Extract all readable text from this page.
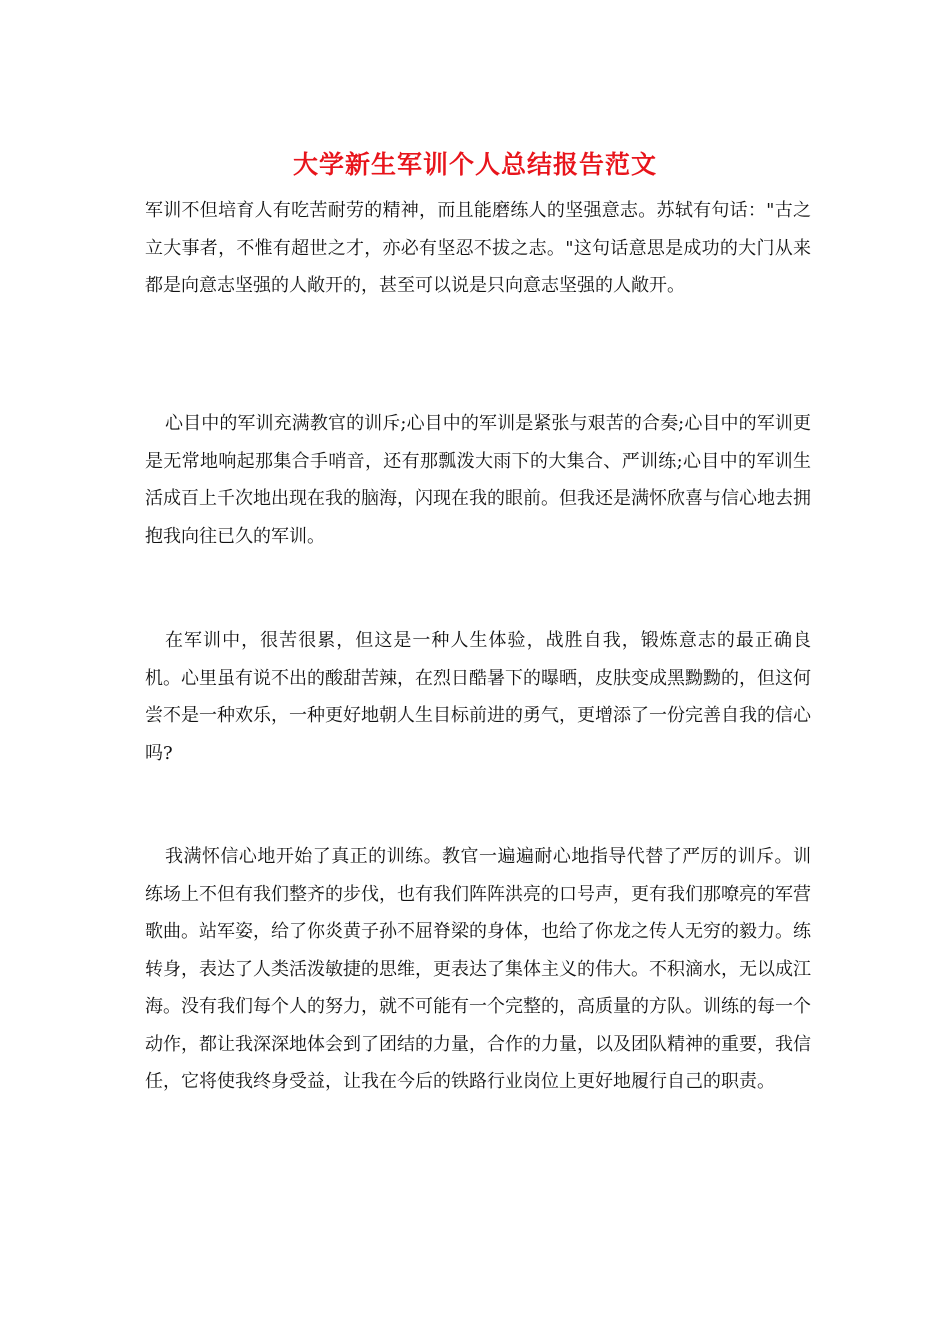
大学新生军训个人总结报告范文

军训不但培育人有吃苦耐劳的精神，而且能磨练人的坚强意志。苏轼有句话："古之立大事者，不惟有超世之才，亦必有坚忍不拔之志。"这句话意思是成功的大门从来都是向意志坚强的人敞开的，甚至可以说是只向意志坚强的人敞开。

心目中的军训充满教官的训斥;心目中的军训是紧张与艰苦的合奏;心目中的军训更是无常地响起那集合手哨音，还有那瓢泼大雨下的大集合、严训练;心目中的军训生活成百上千次地出现在我的脑海，闪现在我的眼前。但我还是满怀欣喜与信心地去拥抱我向往已久的军训。

在军训中，很苦很累，但这是一种人生体验，战胜自我，锻炼意志的最正确良机。心里虽有说不出的酸甜苦辣，在烈日酷暑下的曝晒，皮肤变成黑黝黝的，但这何尝不是一种欢乐，一种更好地朝人生目标前进的勇气，更增添了一份完善自我的信心吗?

我满怀信心地开始了真正的训练。教官一遍遍耐心地指导代替了严厉的训斥。训练场上不但有我们整齐的步伐，也有我们阵阵洪亮的口号声，更有我们那嘹亮的军营歌曲。站军姿，给了你炎黄子孙不屈脊梁的身体，也给了你龙之传人无穷的毅力。练转身，表达了人类活泼敏捷的思维，更表达了集体主义的伟大。不积滴水，无以成江海。没有我们每个人的努力，就不可能有一个完整的，高质量的方队。训练的每一个动作，都让我深深地体会到了团结的力量，合作的力量，以及团队精神的重要，我信任，它将使我终身受益，让我在今后的铁路行业岗位上更好地履行自己的职责。
